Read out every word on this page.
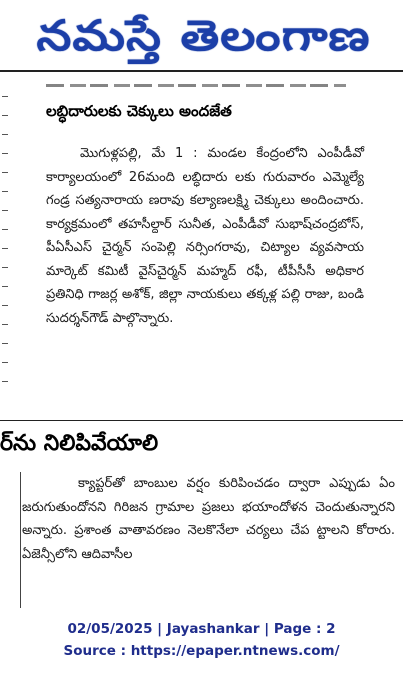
నమస్తే తెలంగాణ
లబ్ధిదారులకు చెక్కులు అందజేత
మొగుళ్లపల్లి, మే 1 : మండల కేంద్రంలోని ఎంపీడీవో కార్యాలయంలో 26మంది లబ్ధిదారు లకు గురువారం ఎమ్మెల్యే గండ్ర సత్యనారాయ ణరావు కల్యాణలక్ష్మి చెక్కులు అందించారు. కార్యక్రమంలో తహసీల్దార్ సునీత, ఎంపీడీవో సుభాష్‌చంద్రబోస్, పీఏసీఎస్ చైర్మన్ సంపెల్లి నర్సింగరావు, చిట్యాల వ్యవసాయ మార్కెట్ కమిటీ వైస్‌చైర్మన్ మహ్మద్ రఫీ, టీపీసీసీ అధికార ప్రతినిధి గాజర్ల అశోక్, జిల్లా నాయకులు తక్కళ్ల పల్లి రాజు, బండి సుదర్శన్‌గౌడ్ పాల్గొన్నారు.
ర్‌ను నిలిపివేయాలి
క్యాప్టర్‌తో బాంబుల వర్షం కురిపించడం ద్వారా ఎప్పుడు ఏం జరుగుతుందోనని గిరిజన గ్రామాల ప్రజలు భయాందోళన చెందుతున్నారని అన్నారు. ప్రశాంత వాతావరణం నెలకొనేలా చర్యలు చేప ట్టాలని కోరారు. ఏజెన్సీలోని ఆదివాసీల
02/05/2025 | Jayashankar | Page : 2
Source : https://epaper.ntnews.com/
